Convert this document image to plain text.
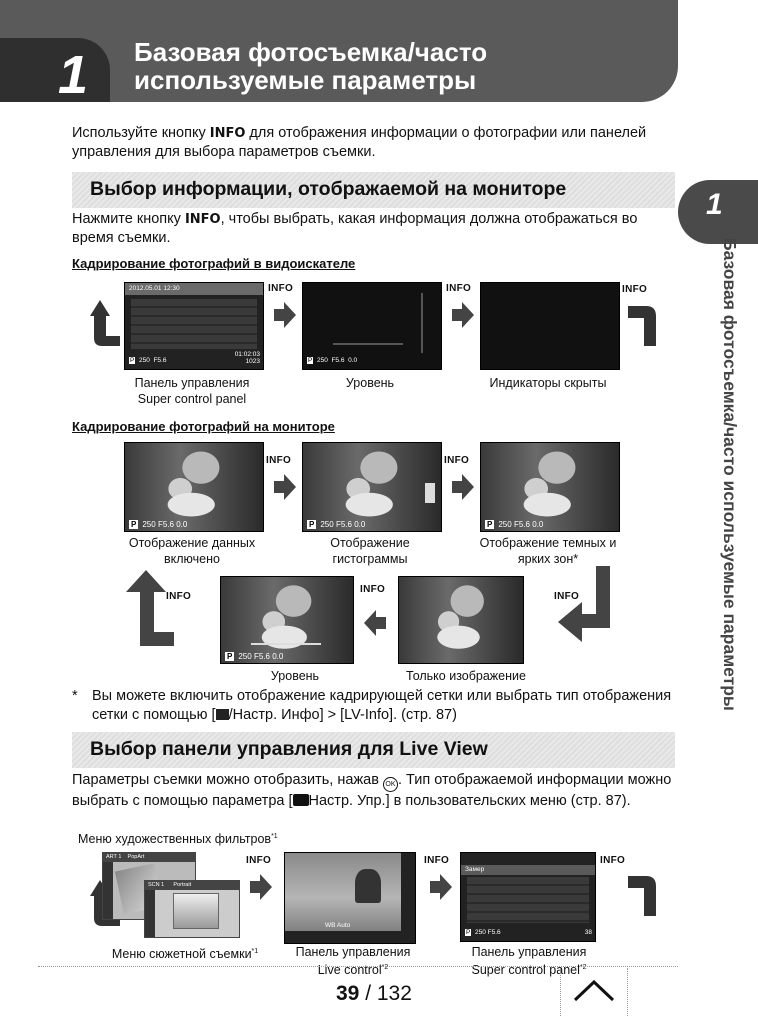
1 Базовая фотосъемка/часто
используемые параметры
Используйте кнопку INFO для отображения информации о фотографии или панелей управления для выбора параметров съемки.
Выбор информации, отображаемой на мониторе
Нажмите кнопку INFO, чтобы выбрать, какая информация должна отображаться во время съемки.
Кадрирование фотографий в видоискателе
2012.05.01 12:30
P 250 F5.6
01:02:03
1023
INFO
P 250 F5.6 0.0
INFO	INFO
Панель управления
Super control panel
Уровень	Индикаторы скрыты
Кадрирование фотографий на мониторе
P 250 F5.6 0.0
INFO
P 250 F5.6 0.0
INFO
P 250 F5.6 0.0
Отображение данных
включено
Отображение
гистограммы
Отображение темных и
ярких зон*
INFO
P 250 F5.6 0.0
INFO
INFO
Уровень	Только изображение
* Вы можете включить отображение кадрирующей сетки или выбрать тип отображения сетки с помощью [ /Настр. Инфо] > [LV-Info]. (стр. 87)
Выбор панели управления для Live View
Параметры съемки можно отобразить, нажав OK . Тип отображаемой информации можно выбрать с помощью параметра [ Настр. Упр.] в пользовательских меню (стр. 87).
Меню художественных фильтров$^{*1}$
ART 1 PopArt
SCN 1 Portrait
INFO
WB Auto
INFO
Замер
P 250 F5.6	38
INFO
Меню сюжетной съемки$^{*1}$	Панель управления
Live control$^{*2}$
Панель управления
Super control panel$^{*2}$
1
Базовая фотосъемка/часто используемые параметры
39 / 132
